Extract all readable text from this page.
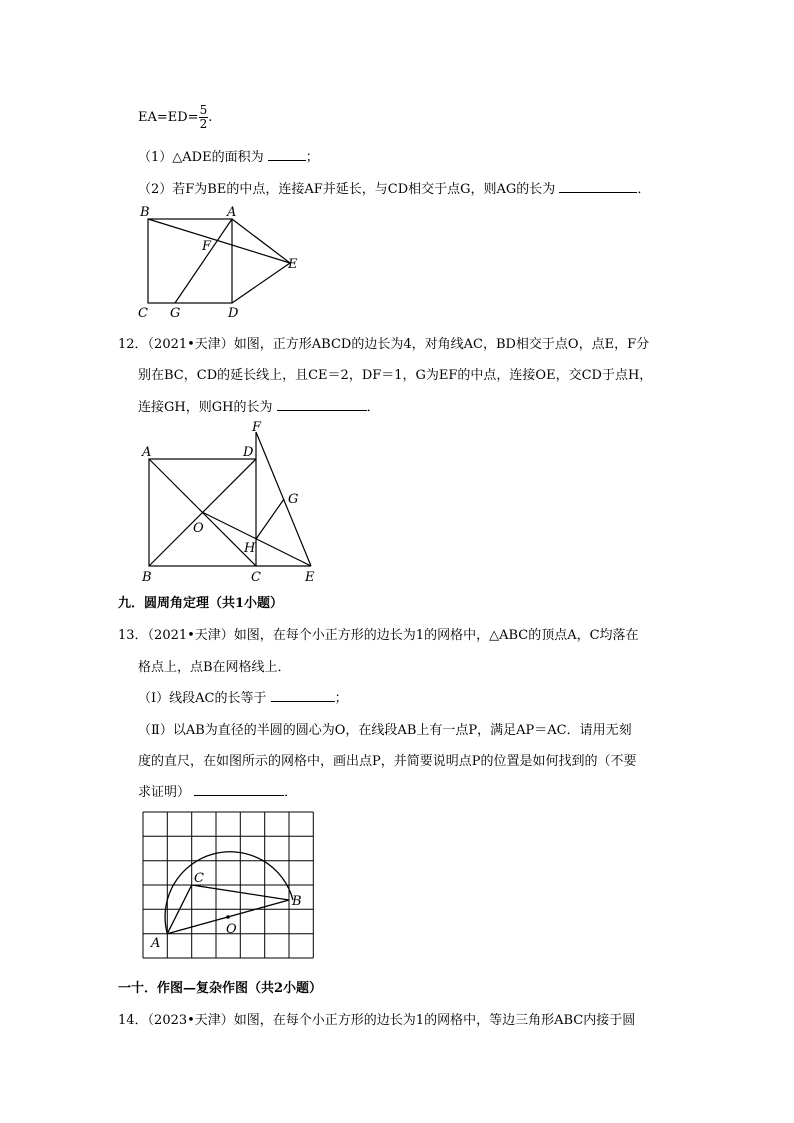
$EA=ED= \frac{5}{2}$ .
（1）△ADE的面积为	；
（2）若F为BE的中点，连接AF并延长，与CD相交于点G，则AG的长为	．
B	A
F
E
C G	D
12．（2021•天津）如图，正方形ABCD的边长为4，对角线AC，BD相交于点O，点E，F分
别在BC，CD的延长线上，且CE＝2，DF＝1，G为EF的中点，连接OE，交CD于点H，
连接GH，则GH的长为	．
A	D
F
G
O
H
B	C	E
九．圆周角定理（共1小题）
13．（2021•天津）如图，在每个小正方形的边长为1的网格中，△ABC的顶点A，C均落在
格点上，点B在网格线上．
（Ⅰ）线段AC的长等于	；
（Ⅱ）以AB为直径的半圆的圆心为O，在线段AB上有一点P，满足AP＝AC．请用无刻
度的直尺，在如图所示的网格中，画出点P，并简要说明点P的位置是如何找到的（不要
求证明）	．
C
B
O
A
一十．作图—复杂作图（共2小题）
14．（2023•天津）如图，在每个小正方形的边长为1的网格中，等边三角形ABC内接于圆
